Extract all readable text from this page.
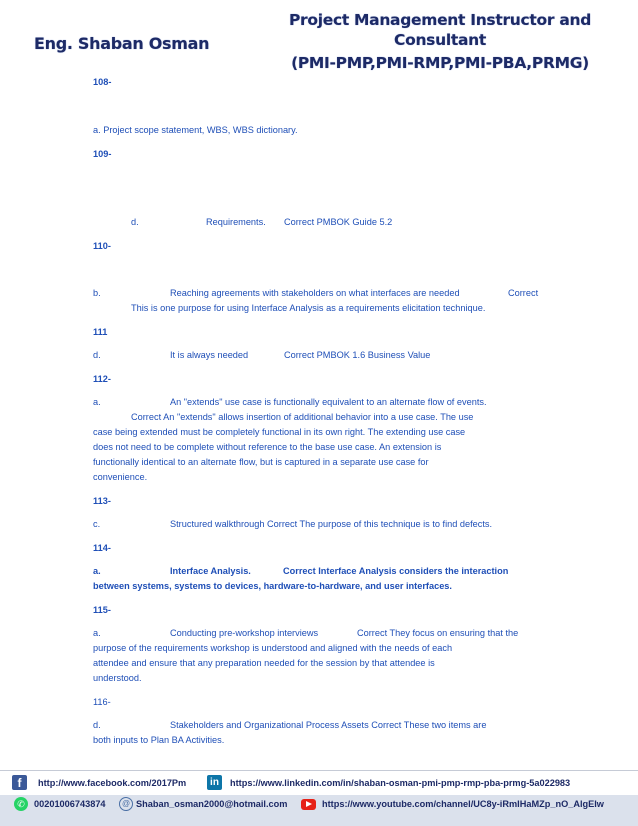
Project Management Instructor and Consultant
(PMI-PMP,PMI-RMP,PMI-PBA,PRMG)
Eng. Shaban Osman
108-
a. Project scope statement, WBS, WBS dictionary.
109-
d.	Requirements. Correct PMBOK Guide 5.2
110-
b.	Reaching agreements with stakeholders on what interfaces are needed	Correct
This is one purpose for using Interface Analysis as a requirements elicitation technique.
111
d.	It is always needed	Correct PMBOK 1.6 Business Value
112-
a.	An "extends" use case is functionally equivalent to an alternate flow of events.
Correct An "extends" allows insertion of additional behavior into a use case. The use
case being extended must be completely functional in its own right. The extending use case
does not need to be complete without reference to the base use case. An extension is
functionally identical to an alternate flow, but is captured in a separate use case for
convenience.
113-
c.	Structured walkthrough Correct The purpose of this technique is to find defects.
114-
a.	Interface Analysis.	Correct Interface Analysis considers the interaction
between systems, systems to devices, hardware-to-hardware, and user interfaces.
115-
a.	Conducting pre-workshop interviews	Correct They focus on ensuring that the
purpose of the requirements workshop is understood and aligned with the needs of each
attendee and ensure that any preparation needed for the session by that attendee is
understood.
116-
d.	Stakeholders and Organizational Process Assets Correct These two items are
both inputs to Plan BA Activities.
f	http://www.facebook.com/2017Pm	in	https://www.linkedin.com/in/shaban-osman-pmi-pmp-rmp-pba-prmg-5a022983
✆	00201006743874	@ Shaban_osman2000@hotmail.com	https://www.youtube.com/channel/UC8y-iRmIHaMZp_nO_AlgEIw
